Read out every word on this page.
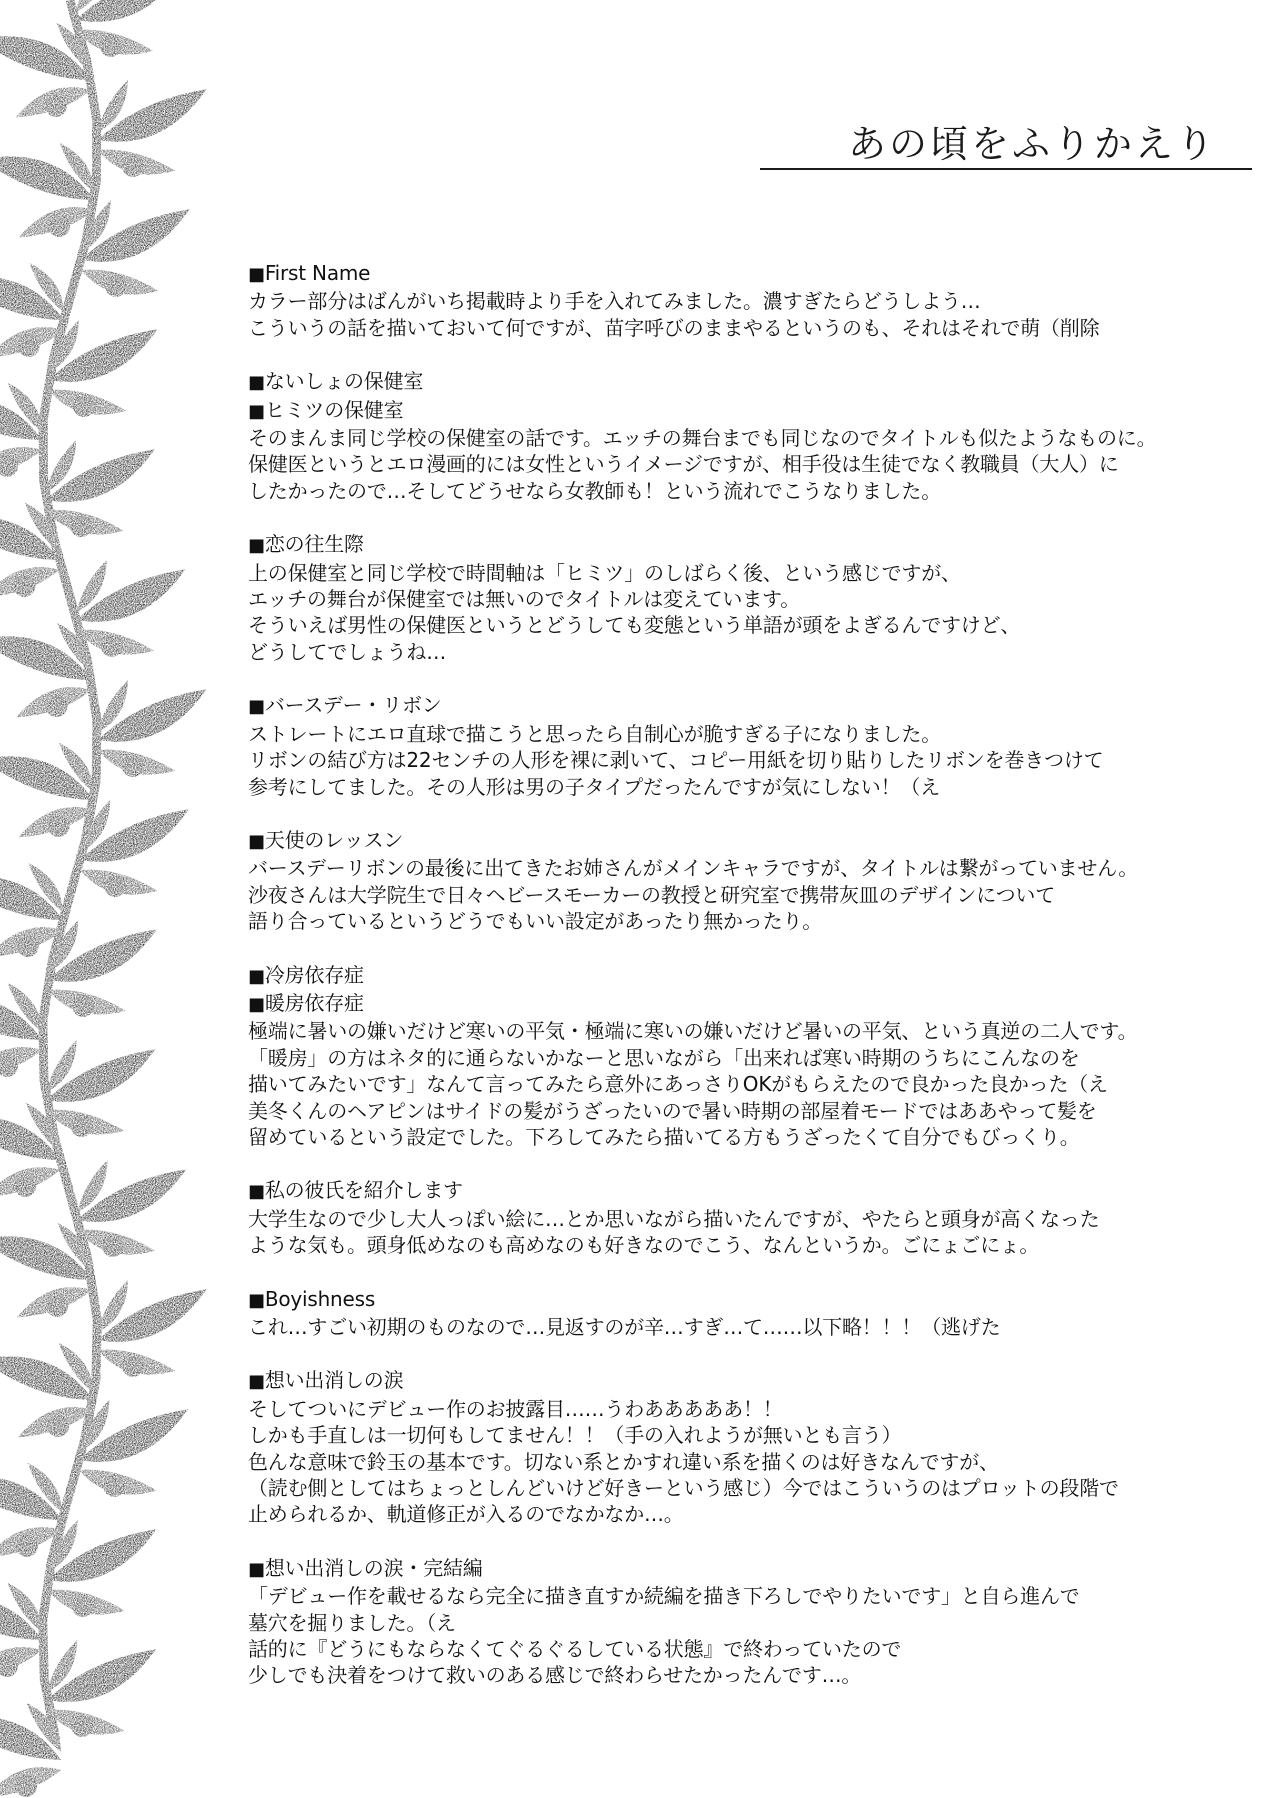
あの頃をふりかえり
■ First Name
カラー部分はばんがいち掲載時より手を入れてみました。濃すぎたらどうしよう…
こういうの話を描いておいて何ですが、苗字呼びのままやるというのも、それはそれで萌（削除
■ ないしょの保健室
■ ヒミツの保健室
そのまんま同じ学校の保健室の話です。エッチの舞台までも同じなのでタイトルも似たようなものに。
保健医というとエロ漫画的には女性というイメージですが、相手役は生徒でなく教職員（大人）に
したかったので…そしてどうせなら女教師も！という流れでこうなりました。
■ 恋の往生際
上の保健室と同じ学校で時間軸は「ヒミツ」のしばらく後、という感じですが、
エッチの舞台が保健室では無いのでタイトルは変えています。
そういえば男性の保健医というとどうしても変態という単語が頭をよぎるんですけど、
どうしてでしょうね…
■ バースデー・リボン
ストレートにエロ直球で描こうと思ったら自制心が脆すぎる子になりました。
リボンの結び方は22センチの人形を裸に剥いて、コピー用紙を切り貼りしたリボンを巻きつけて
参考にしてました。その人形は男の子タイプだったんですが気にしない！（え
■ 天使のレッスン
バースデーリボンの最後に出てきたお姉さんがメインキャラですが、タイトルは繋がっていません。
沙夜さんは大学院生で日々ヘビースモーカーの教授と研究室で携帯灰皿のデザインについて
語り合っているというどうでもいい設定があったり無かったり。
■ 冷房依存症
■ 暖房依存症
極端に暑いの嫌いだけど寒いの平気・極端に寒いの嫌いだけど暑いの平気、という真逆の二人です。
「暖房」の方はネタ的に通らないかなーと思いながら「出来れば寒い時期のうちにこんなのを
描いてみたいです」なんて言ってみたら意外にあっさりOKがもらえたので良かった良かった（え
美冬くんのヘアピンはサイドの髪がうざったいので暑い時期の部屋着モードではああやって髪を
留めているという設定でした。下ろしてみたら描いてる方もうざったくて自分でもびっくり。
■ 私の彼氏を紹介します
大学生なので少し大人っぽい絵に…とか思いながら描いたんですが、やたらと頭身が高くなった
ような気も。頭身低めなのも高めなのも好きなのでこう、なんというか。ごにょごにょ。
■ Boyishness
これ…すごい初期のものなので…見返すのが辛…すぎ…て……以下略！！！（逃げた
■ 想い出消しの涙
そしてついにデビュー作のお披露目……うわあああああ！！
しかも手直しは一切何もしてません！！（手の入れようが無いとも言う）
色んな意味で鈴玉の基本です。切ない系とかすれ違い系を描くのは好きなんですが、
（読む側としてはちょっとしんどいけど好きーという感じ）今ではこういうのはプロットの段階で
止められるか、軌道修正が入るのでなかなか…。
■ 想い出消しの涙・完結編
「デビュー作を載せるなら完全に描き直すか続編を描き下ろしでやりたいです」と自ら進んで
墓穴を掘りました。（え
話的に『どうにもならなくてぐるぐるしている状態』で終わっていたので
少しでも決着をつけて救いのある感じで終わらせたかったんです…。
